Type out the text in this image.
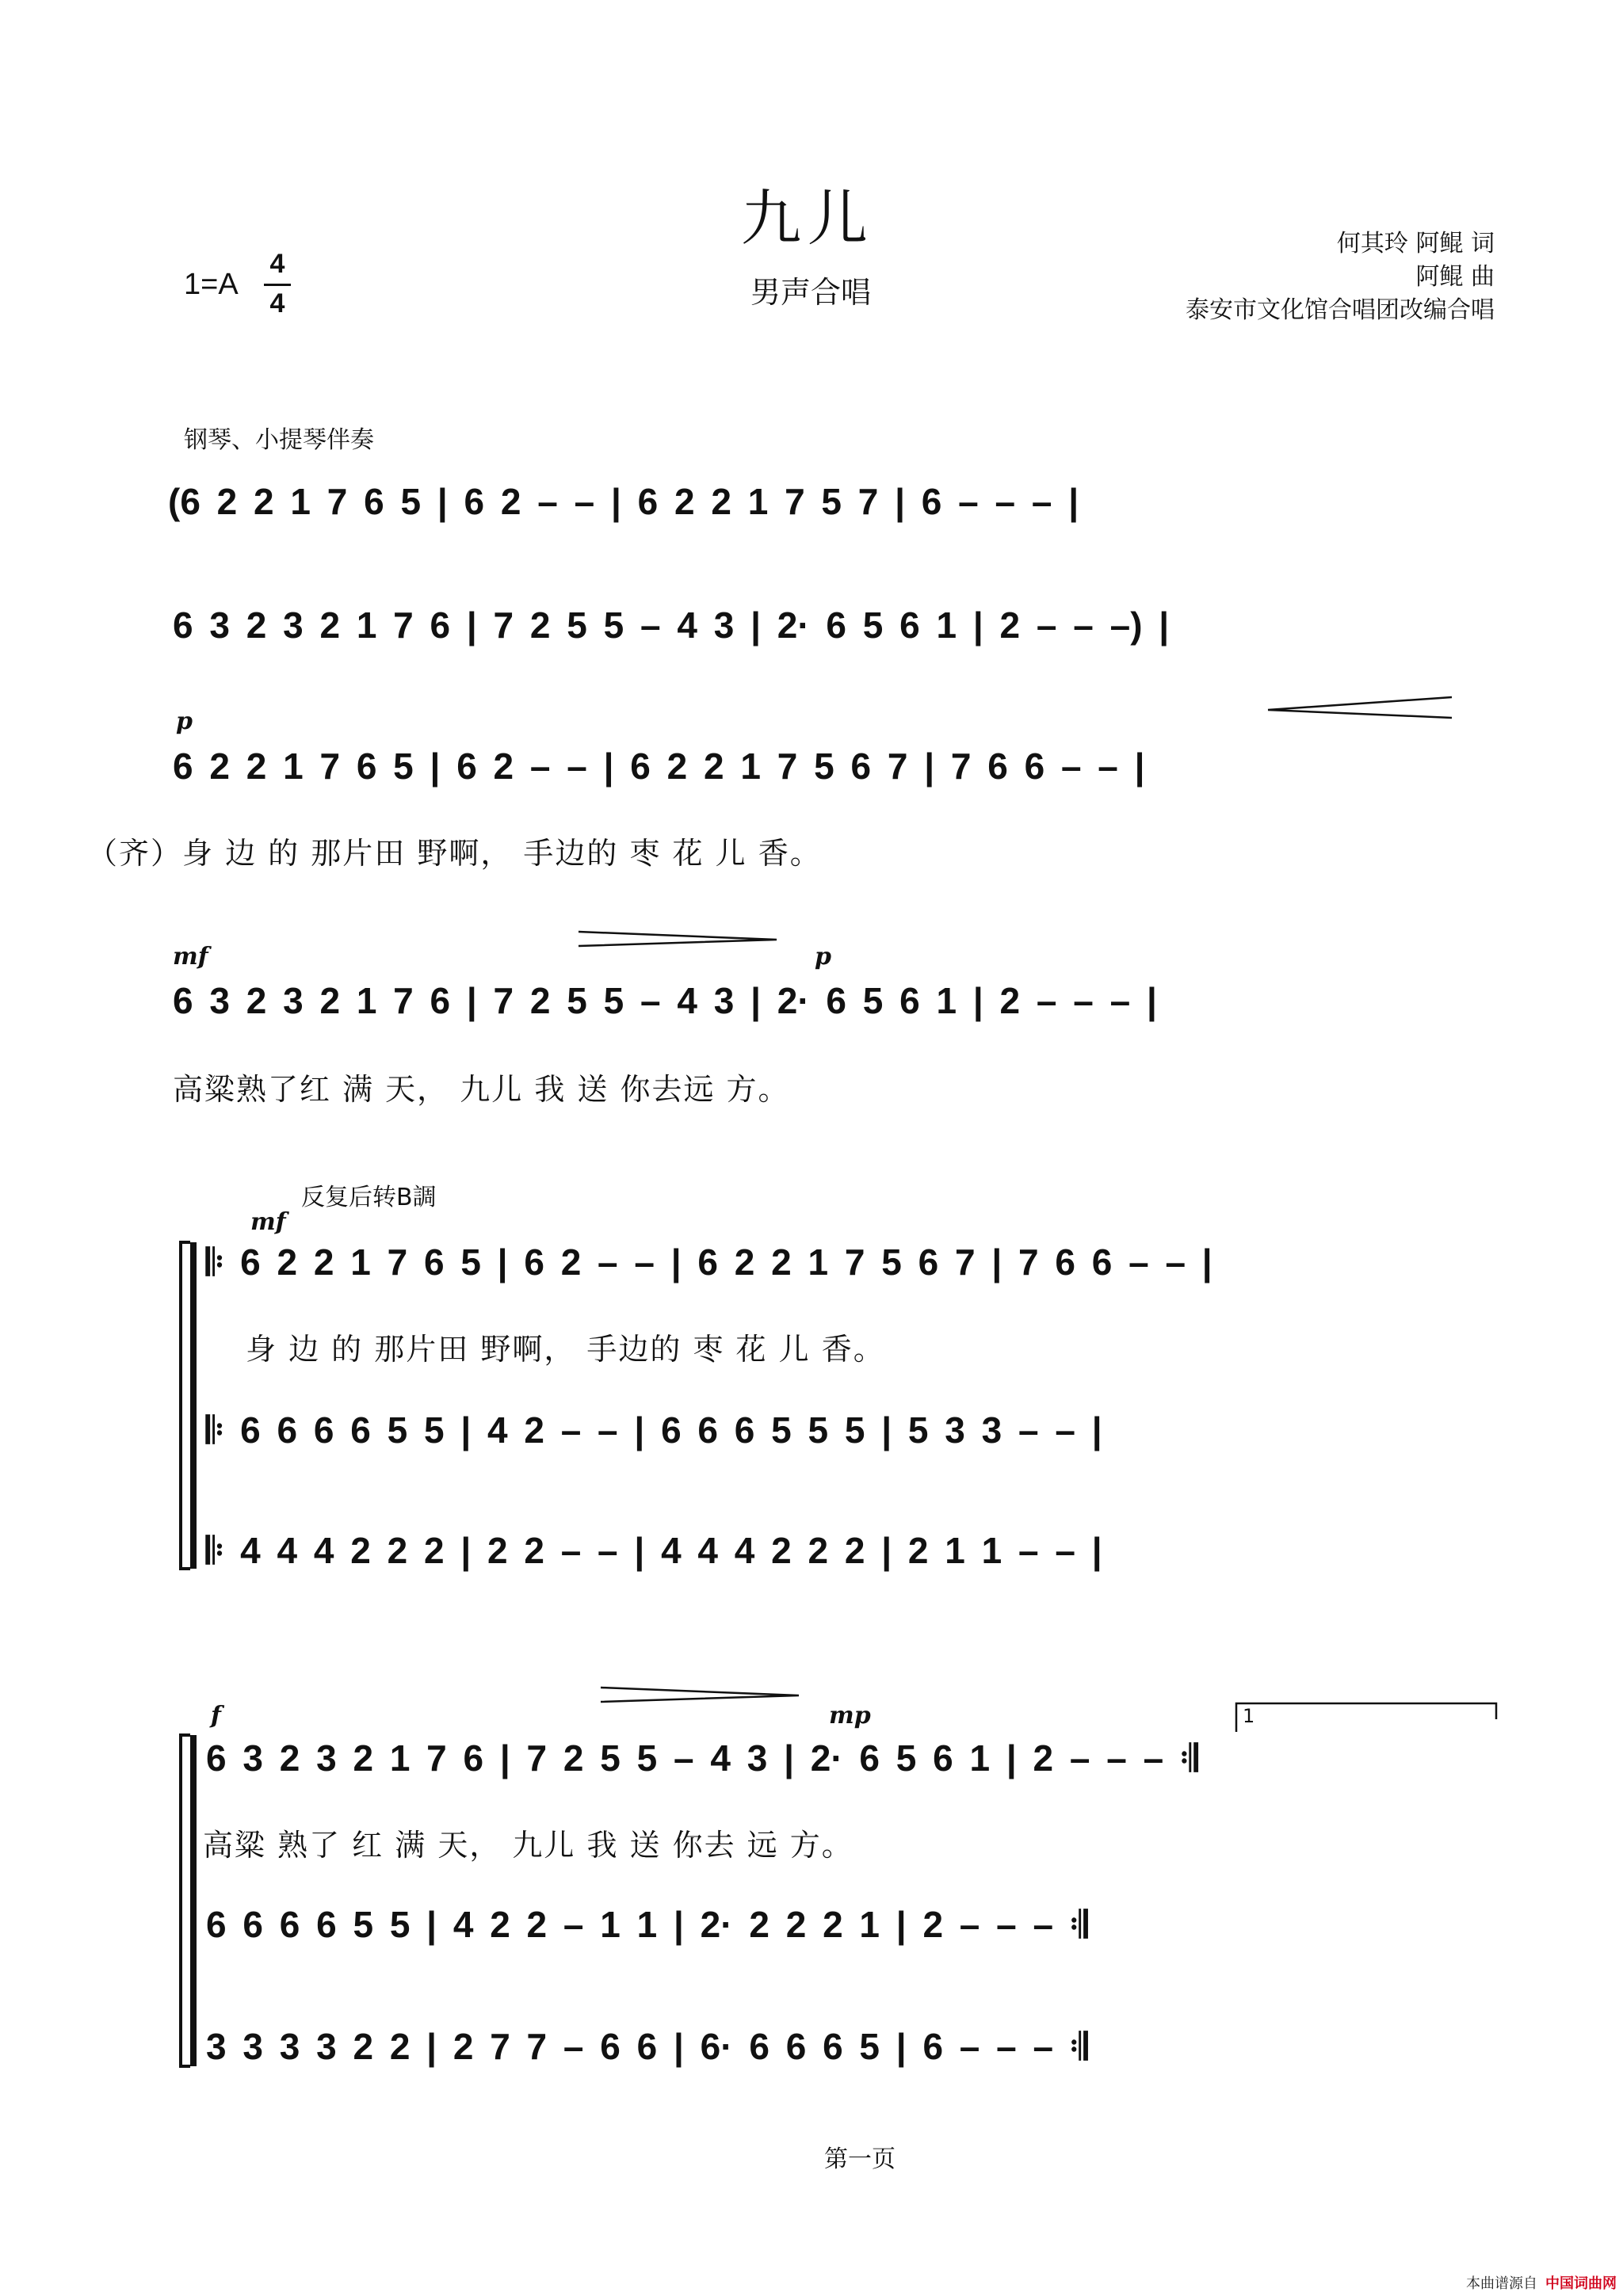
九儿
男声合唱
1=A
4
4
何其玲 阿鲲 词
阿鲲 曲
泰安市文化馆合唱团改编合唱
钢琴、小提琴伴奏
(6 2 2 1 7 6 5 | 6 2 – – | 6 2 2 1 7 5 7 | 6 – – – |
6 3 2 3 2 1 7 6 | 7 2 5 5 – 4 3 | 2· 6 5 6 1 | 2 – – –) |
p
6 2 2 1 7 6 5 | 6 2 – – | 6 2 2 1 7 5 6 7 | 7 6 6 – – |
（齐）身 边 的 那片田 野啊， 手边的 枣 花 儿 香。
mf	p
6 3 2 3 2 1 7 6 | 7 2 5 5 – 4 3 | 2· 6 5 6 1 | 2 – – – |
高粱熟了红 满 天， 九儿 我 送 你去远 方。
反复后转B調
mf
𝄆 6 2 2 1 7 6 5 | 6 2 – – | 6 2 2 1 7 5 6 7 | 7 6 6 – – |
身 边 的 那片田 野啊， 手边的 枣 花 儿 香。
𝄆 6 6 6 6 5 5 | 4 2 – – | 6 6 6 5 5 5 | 5 3 3 – – |
𝄆 4 4 4 2 2 2 | 2 2 – – | 4 4 4 2 2 2 | 2 1 1 – – |
f	mp	1
6 3 2 3 2 1 7 6 | 7 2 5 5 – 4 3 | 2· 6 5 6 1 | 2 – – – 𝄇
高粱 熟了 红 满 天， 九儿 我 送 你去 远 方。
6 6 6 6 5 5 | 4 2 2 – 1 1 | 2· 2 2 2 1 | 2 – – – 𝄇
3 3 3 3 2 2 | 2 7 7 – 6 6 | 6· 6 6 6 5 | 6 – – – 𝄇
第一页
本曲谱源自 中国词曲网
